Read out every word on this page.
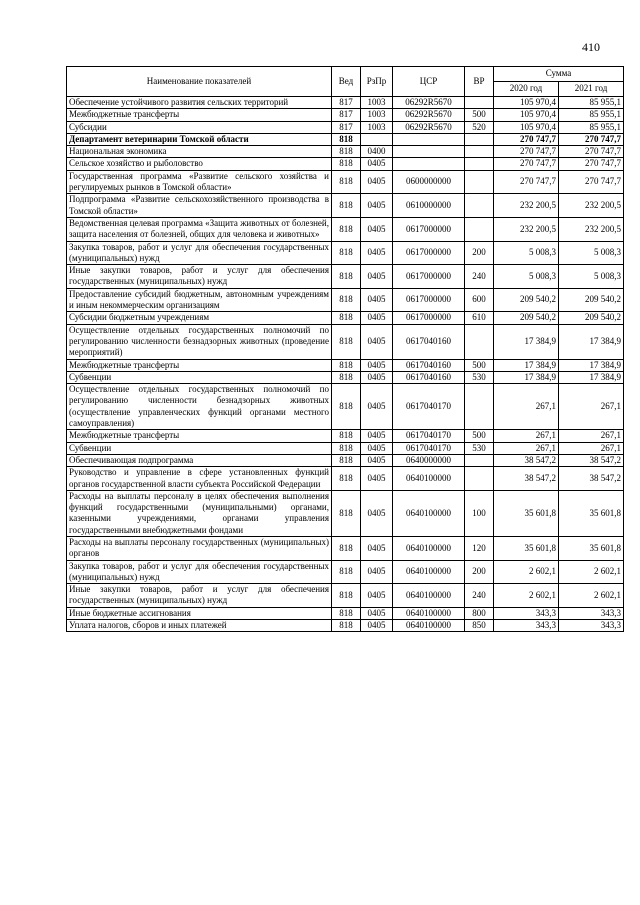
410
Наименование показателей	Вед	РзПр	ЦСР	ВР	Сумма	
					2020 год	2021 год
Обеспечение устойчивого развития сельских территорий	817	1003	06292R5670		105 970,4	85 955,1
Межбюджетные трансферты	817	1003	06292R5670	500	105 970,4	85 955,1
Субсидии	817	1003	06292R5670	520	105 970,4	85 955,1
Департамент ветеринарии Томской области	818				270 747,7	270 747,7
Национальная экономика	818	0400			270 747,7	270 747,7
Сельское хозяйство и рыболовство	818	0405			270 747,7	270 747,7
Государственная программа «Развитие сельского хозяйства и регулируемых рынков в Томской области»	818	0405	0600000000		270 747,7	270 747,7
Подпрограмма «Развитие сельскохозяйственного производства в Томской области»	818	0405	0610000000		232 200,5	232 200,5
Ведомственная целевая программа «Защита животных от болезней, защита населения от болезней, общих для человека и животных»	818	0405	0617000000		232 200,5	232 200,5
Закупка товаров, работ и услуг для обеспечения государственных (муниципальных) нужд	818	0405	0617000000	200	5 008,3	5 008,3
Иные закупки товаров, работ и услуг для обеспечения государственных (муниципальных) нужд	818	0405	0617000000	240	5 008,3	5 008,3
Предоставление субсидий бюджетным, автономным учреждениям и иным некоммерческим организациям	818	0405	0617000000	600	209 540,2	209 540,2
Субсидии бюджетным учреждениям	818	0405	0617000000	610	209 540,2	209 540,2
Осуществление отдельных государственных полномочий по регулированию численности безнадзорных животных (проведение мероприятий)	818	0405	0617040160		17 384,9	17 384,9
Межбюджетные трансферты	818	0405	0617040160	500	17 384,9	17 384,9
Субвенции	818	0405	0617040160	530	17 384,9	17 384,9
Осуществление отдельных государственных полномочий по регулированию численности безнадзорных животных (осуществление управленческих функций органами местного самоуправления)	818	0405	0617040170		267,1	267,1
Межбюджетные трансферты	818	0405	0617040170	500	267,1	267,1
Субвенции	818	0405	0617040170	530	267,1	267,1
Обеспечивающая подпрограмма	818	0405	0640000000		38 547,2	38 547,2
Руководство и управление в сфере установленных функций органов государственной власти субъекта Российской Федерации	818	0405	0640100000		38 547,2	38 547,2
Расходы на выплаты персоналу в целях обеспечения выполнения функций государственными (муниципальными) органами, казенными учреждениями, органами управления государственными внебюджетными фондами	818	0405	0640100000	100	35 601,8	35 601,8
Расходы на выплаты персоналу государственных (муниципальных) органов	818	0405	0640100000	120	35 601,8	35 601,8
Закупка товаров, работ и услуг для обеспечения государственных (муниципальных) нужд	818	0405	0640100000	200	2 602,1	2 602,1
Иные закупки товаров, работ и услуг для обеспечения государственных (муниципальных) нужд	818	0405	0640100000	240	2 602,1	2 602,1
Иные бюджетные ассигнования	818	0405	0640100000	800	343,3	343,3
Уплата налогов, сборов и иных платежей	818	0405	0640100000	850	343,3	343,3
